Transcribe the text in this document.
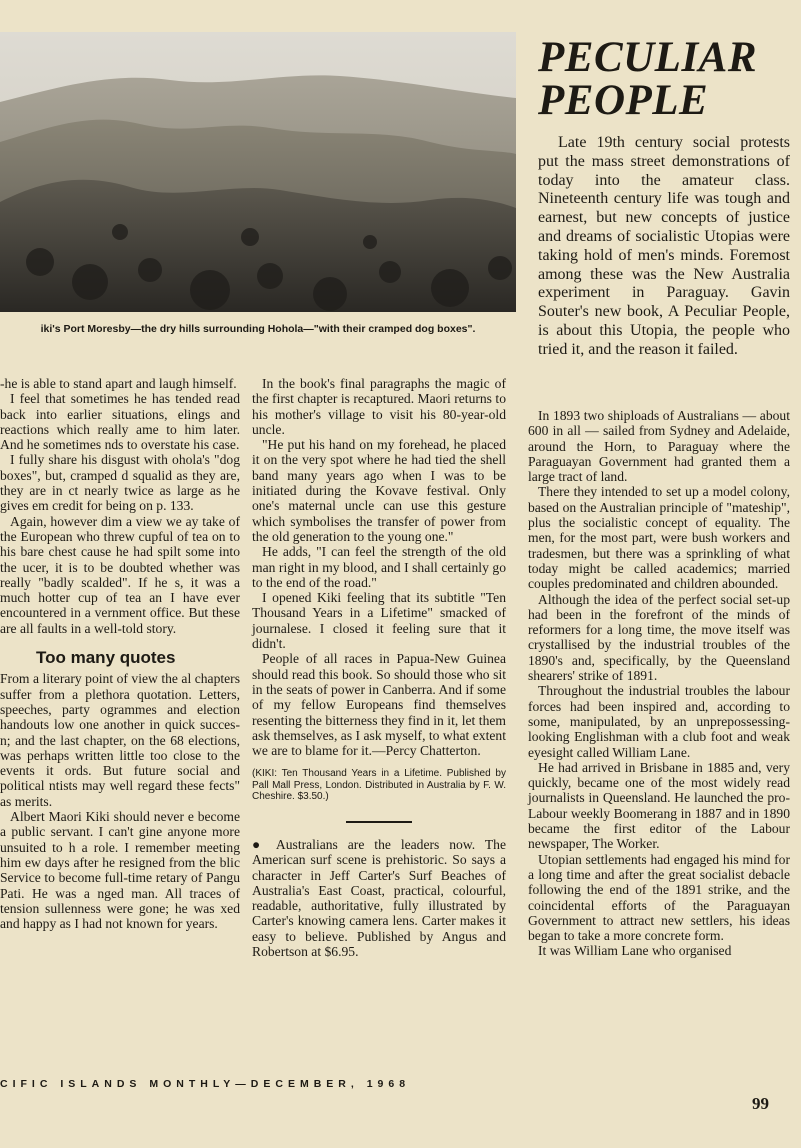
iki's Port Moresby—the dry hills surrounding Hohola—"with their cramped dog boxes".
PECULIAR
PEOPLE

Late 19th century social protests put the mass street demonstrations of today into the amateur class. Nineteenth century life was tough and earnest, but new concepts of justice and dreams of socialistic Utopias were taking hold of men's minds. Foremost among these was the New Australia experiment in Paraguay. Gavin Souter's new book, A Peculiar People, is about this Utopia, the people who tried it, and the reason it failed.

-he is able to stand apart and laugh himself.

I feel that sometimes he has tended read back into earlier situations, elings and reactions which really ame to him later. And he sometimes nds to overstate his case.

I fully share his disgust with ohola's "dog boxes", but, cramped d squalid as they are, they are in ct nearly twice as large as he gives em credit for being on p. 133.

Again, however dim a view we ay take of the European who threw cupful of tea on to his bare chest cause he had spilt some into the ucer, it is to be doubted whether was really "badly scalded". If he s, it was a much hotter cup of tea an I have ever encountered in a vernment office. But these are all faults in a well-told story.

Too many quotes

From a literary point of view the al chapters suffer from a plethora quotation. Letters, speeches, party ogrammes and election handouts low one another in quick succes-n; and the last chapter, on the 68 elections, was perhaps written little too close to the events it ords. But future social and political ntists may well regard these fects" as merits.

Albert Maori Kiki should never e become a public servant. I can't gine anyone more unsuited to h a role. I remember meeting him ew days after he resigned from the blic Service to become full-time retary of Pangu Pati. He was a nged man. All traces of tension sullenness were gone; he was xed and happy as I had not known for years.

In the book's final paragraphs the magic of the first chapter is recaptured. Maori returns to his mother's village to visit his 80-year-old uncle.

"He put his hand on my forehead, he placed it on the very spot where he had tied the shell band many years ago when I was to be initiated during the Kovave festival. Only one's maternal uncle can use this gesture which symbolises the transfer of power from the old generation to the young one."

He adds, "I can feel the strength of the old man right in my blood, and I shall certainly go to the end of the road."

I opened Kiki feeling that its subtitle "Ten Thousand Years in a Lifetime" smacked of journalese. I closed it feeling sure that it didn't.

People of all races in Papua-New Guinea should read this book. So should those who sit in the seats of power in Canberra. And if some of my fellow Europeans find themselves resenting the bitterness they find in it, let them ask themselves, as I ask myself, to what extent we are to blame for it.—Percy Chatterton.

(KIKI: Ten Thousand Years in a Lifetime. Published by Pall Mall Press, London. Distributed in Australia by F. W. Cheshire. $3.50.)

● Australians are the leaders now. The American surf scene is prehistoric. So says a character in Jeff Carter's Surf Beaches of Australia's East Coast, practical, colourful, readable, authoritative, fully illustrated by Carter's knowing camera lens. Carter makes it easy to believe. Published by Angus and Robertson at $6.95.

In 1893 two shiploads of Australians — about 600 in all — sailed from Sydney and Adelaide, around the Horn, to Paraguay where the Paraguayan Government had granted them a large tract of land.

There they intended to set up a model colony, based on the Australian principle of "mateship", plus the socialistic concept of equality. The men, for the most part, were bush workers and tradesmen, but there was a sprinkling of what today might be called academics; married couples predominated and children abounded.

Although the idea of the perfect social set-up had been in the forefront of the minds of reformers for a long time, the move itself was crystallised by the industrial troubles of the 1890's and, specifically, by the Queensland shearers' strike of 1891.

Throughout the industrial troubles the labour forces had been inspired and, according to some, manipulated, by an unprepossessing-looking Englishman with a club foot and weak eyesight called William Lane.

He had arrived in Brisbane in 1885 and, very quickly, became one of the most widely read journalists in Queensland. He launched the pro-Labour weekly Boomerang in 1887 and in 1890 became the first editor of the Labour newspaper, The Worker.

Utopian settlements had engaged his mind for a long time and after the great socialist debacle following the end of the 1891 strike, and the coincidental efforts of the Paraguayan Government to attract new settlers, his ideas began to take a more concrete form.

It was William Lane who organised

CIFIC ISLANDS MONTHLY—DECEMBER, 1968
99
